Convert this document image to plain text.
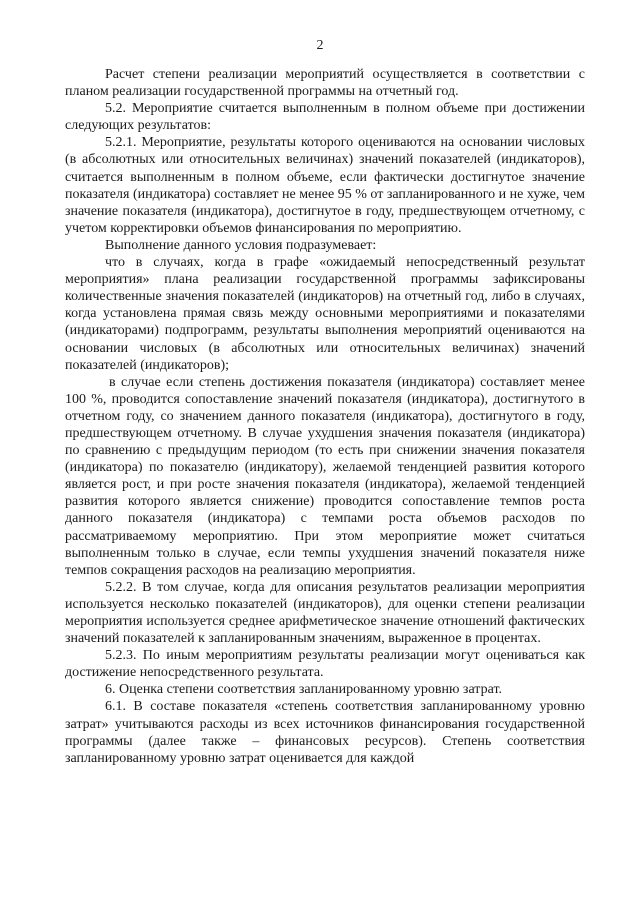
2

Расчет степени реализации мероприятий осуществляется в соответствии с планом реализации государственной программы на отчетный год.

5.2. Мероприятие считается выполненным в полном объеме при достижении следующих результатов:

5.2.1. Мероприятие, результаты которого оцениваются на основании числовых (в абсолютных или относительных величинах) значений показателей (индикаторов), считается выполненным в полном объеме, если фактически достигнутое значение показателя (индикатора) составляет не менее 95 % от запланированного и не хуже, чем значение показателя (индикатора), достигнутое в году, предшествующем отчетному, с учетом корректировки объемов финансирования по мероприятию.

Выполнение данного условия подразумевает:

что в случаях, когда в графе «ожидаемый непосредственный результат мероприятия» плана реализации государственной программы зафиксированы количественные значения показателей (индикаторов) на отчетный год, либо в случаях, когда установлена прямая связь между основными мероприятиями и показателями (индикаторами) подпрограмм, результаты выполнения мероприятий оцениваются на основании числовых (в абсолютных или относительных величинах) значений показателей (индикаторов);

в случае если степень достижения показателя (индикатора) составляет менее 100 %, проводится сопоставление значений показателя (индикатора), достигнутого в отчетном году, со значением данного показателя (индикатора), достигнутого в году, предшествующем отчетному. В случае ухудшения значения показателя (индикатора) по сравнению с предыдущим периодом (то есть при снижении значения показателя (индикатора) по показателю (индикатору), желаемой тенденцией развития которого является рост, и при росте значения показателя (индикатора), желаемой тенденцией развития которого является снижение) проводится сопоставление темпов роста данного показателя (индикатора) с темпами роста объемов расходов по рассматриваемому мероприятию. При этом мероприятие может считаться выполненным только в случае, если темпы ухудшения значений показателя ниже темпов сокращения расходов на реализацию мероприятия.

5.2.2. В том случае, когда для описания результатов реализации мероприятия используется несколько показателей (индикаторов), для оценки степени реализации мероприятия используется среднее арифметическое значение отношений фактических значений показателей к запланированным значениям, выраженное в процентах.

5.2.3. По иным мероприятиям результаты реализации могут оцениваться как достижение непосредственного результата.

6. Оценка степени соответствия запланированному уровню затрат.

6.1. В составе показателя «степень соответствия запланированному уровню затрат» учитываются расходы из всех источников финансирования государственной программы (далее также – финансовых ресурсов). Степень соответствия запланированному уровню затрат оценивается для каждой
